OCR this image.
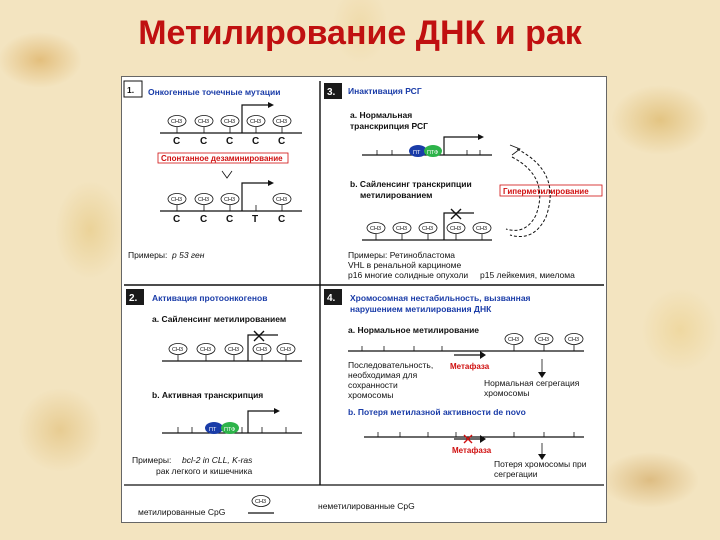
Метилирование ДНК и рак
1. Онкогенные точечные мутации
CH3	CH3	CH3	CH3	CH3
C C C C C
Спонтанное дезаминирование
CH3	CH3	CH3	CH3
C C C T C
Примеры: р 53 ген
3. Инактивация РСГ
а. Нормальная
транскрипция РСГ
ПТ ПТФ
b. Сайленсинг транскрипции
метилированием	Гиперметилирование
CH3	CH3	CH3	CH3	CH3
Примеры: Ретинобластома
VHL в ренальной карциноме
р16 многие солидные опухоли р15 лейкемия, миелома
2. Активация протоонкогенов
а. Сайленсинг метилированием
CH3	CH3	CH3	CH3 CH3
b. Активная транскрипция
ПТ ПТФ
Примеры: bcl-2 in CLL, K-ras
рак легкого и кишечника
4. Хромосомная нестабильность, вызванная
нарушением метилирования ДНК
а. Нормальное метилирование
CH3	CH3	CH3
Последовательность,
необходимая для
сохранности
хромосомы
Метафаза
Нормальная сегрегация
хромосомы
b. Потеря метилазной активности de novo
Метафаза
Потеря хромосомы при
сегрегации
CH3
метилированные CpG
неметилированные CpG
